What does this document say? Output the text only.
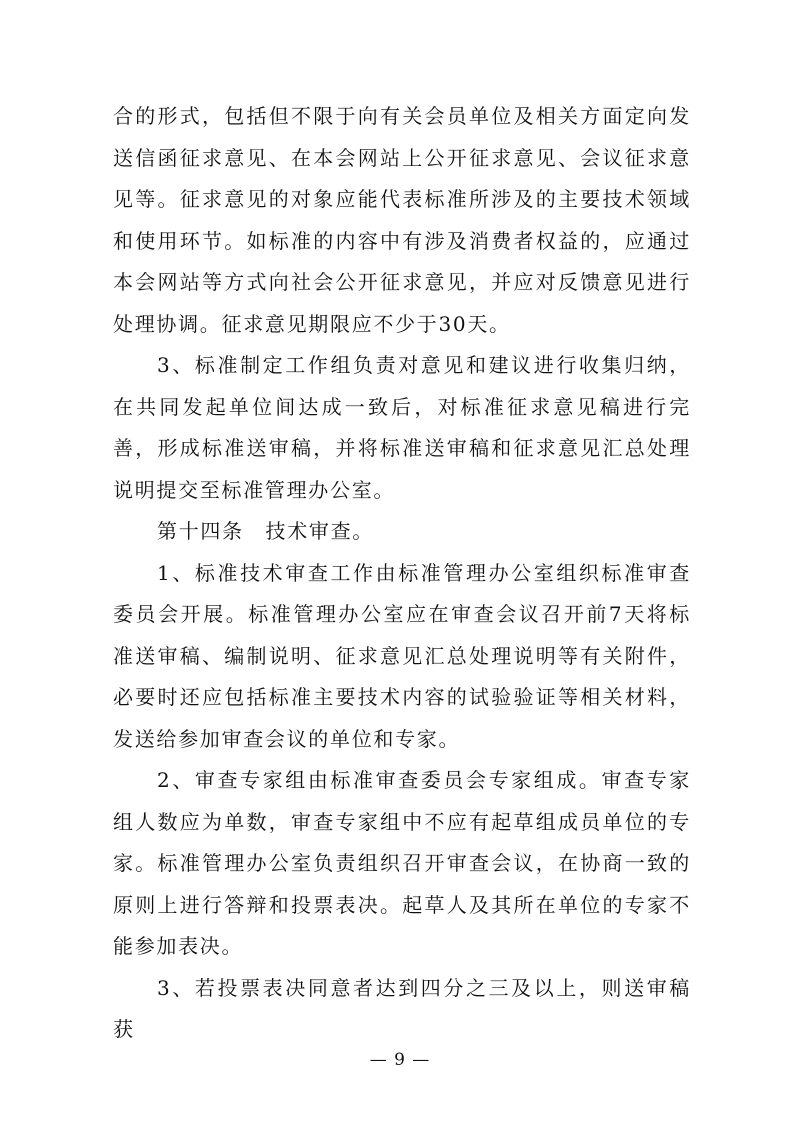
合的形式，包括但不限于向有关会员单位及相关方面定向发送信函征求意见、在本会网站上公开征求意见、会议征求意见等。征求意见的对象应能代表标准所涉及的主要技术领域和使用环节。如标准的内容中有涉及消费者权益的，应通过本会网站等方式向社会公开征求意见，并应对反馈意见进行处理协调。征求意见期限应不少于30天。

3、标准制定工作组负责对意见和建议进行收集归纳，在共同发起单位间达成一致后，对标准征求意见稿进行完善，形成标准送审稿，并将标准送审稿和征求意见汇总处理说明提交至标准管理办公室。

第十四条　技术审查。

1、标准技术审查工作由标准管理办公室组织标准审查委员会开展。标准管理办公室应在审查会议召开前7天将标准送审稿、编制说明、征求意见汇总处理说明等有关附件，必要时还应包括标准主要技术内容的试验验证等相关材料，发送给参加审查会议的单位和专家。

2、审查专家组由标准审查委员会专家组成。审查专家组人数应为单数，审查专家组中不应有起草组成员单位的专家。标准管理办公室负责组织召开审查会议，在协商一致的原则上进行答辩和投票表决。起草人及其所在单位的专家不能参加表决。

3、若投票表决同意者达到四分之三及以上，则送审稿获

— 9 —
